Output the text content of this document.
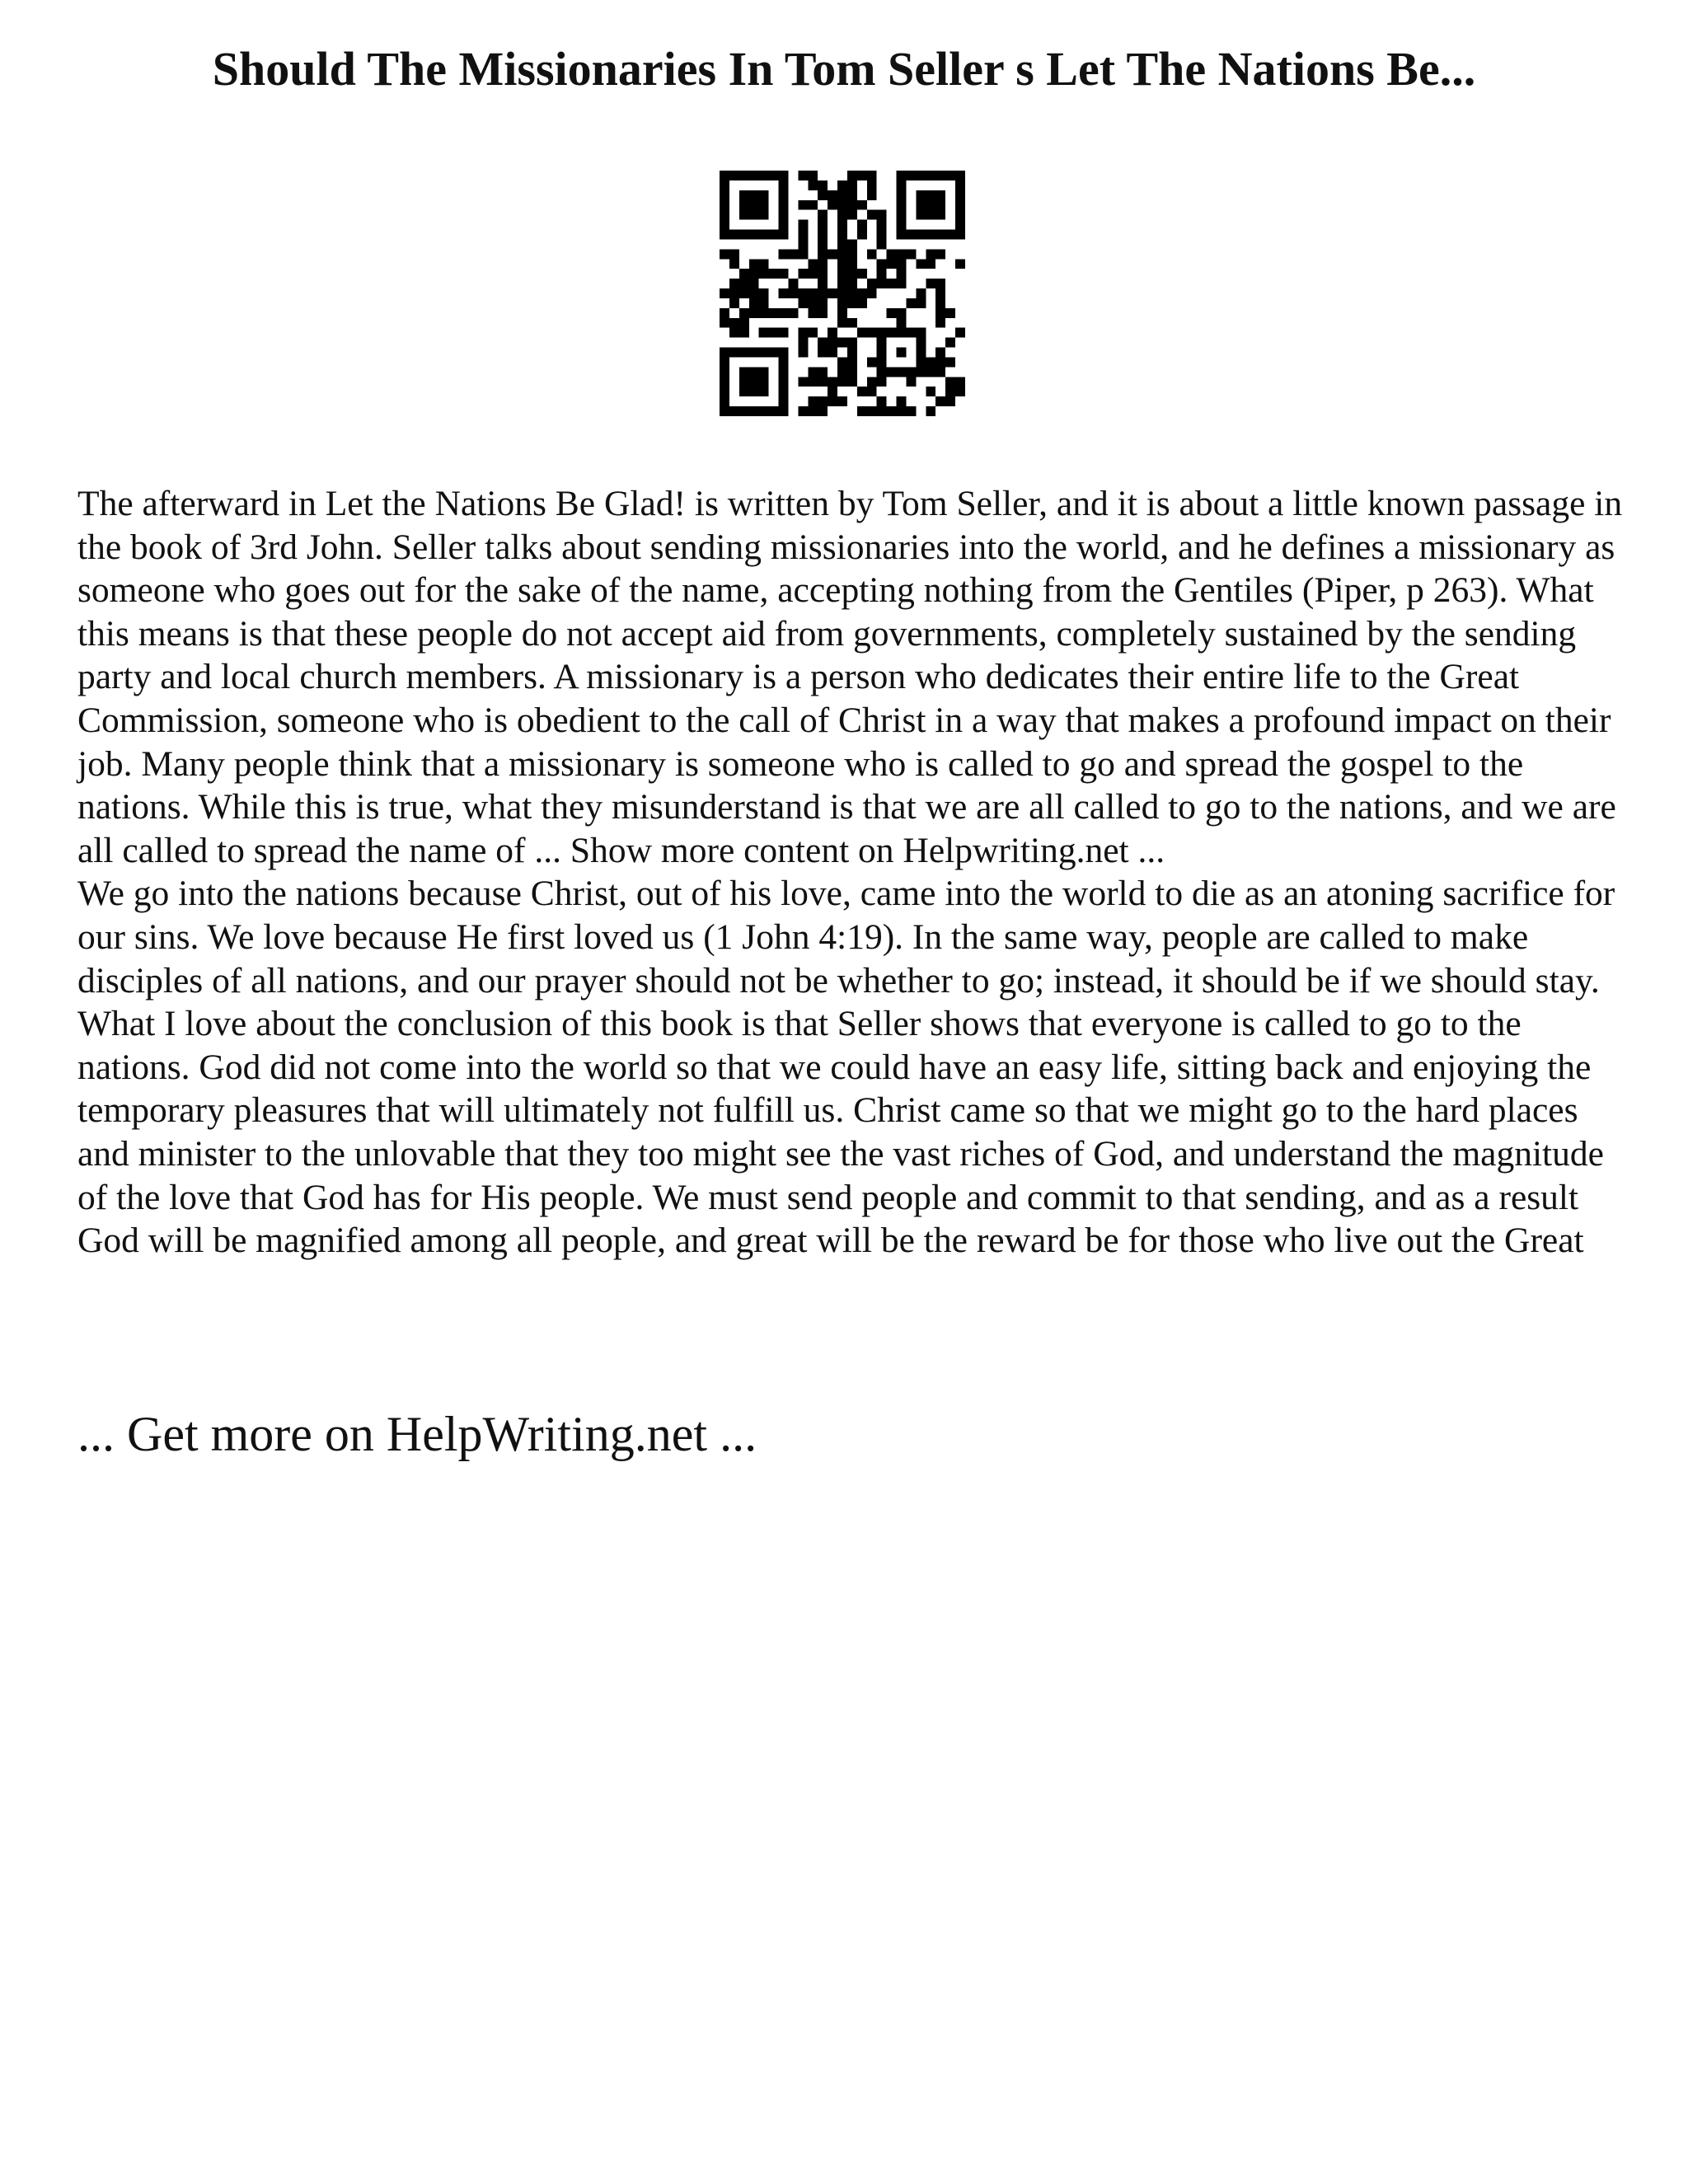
Should The Missionaries In Tom Seller s Let The Nations Be...

The afterward in Let the Nations Be Glad! is written by Tom Seller, and it is about a little known passage in the book of 3rd John. Seller talks about sending missionaries into the world, and he defines a missionary as someone who goes out for the sake of the name, accepting nothing from the Gentiles (Piper, p 263). What this means is that these people do not accept aid from governments, completely sustained by the sending party and local church members. A missionary is a person who dedicates their entire life to the Great Commission, someone who is obedient to the call of Christ in a way that makes a profound impact on their job. Many people think that a missionary is someone who is called to go and spread the gospel to the nations. While this is true, what they misunderstand is that we are all called to go to the nations, and we are all called to spread the name of ... Show more content on Helpwriting.net ...

We go into the nations because Christ, out of his love, came into the world to die as an atoning sacrifice for our sins. We love because He first loved us (1 John 4:19). In the same way, people are called to make disciples of all nations, and our prayer should not be whether to go; instead, it should be if we should stay. What I love about the conclusion of this book is that Seller shows that everyone is called to go to the nations. God did not come into the world so that we could have an easy life, sitting back and enjoying the temporary pleasures that will ultimately not fulfill us. Christ came so that we might go to the hard places and minister to the unlovable that they too might see the vast riches of God, and understand the magnitude of the love that God has for His people. We must send people and commit to that sending, and as a result God will be magnified among all people, and great will be the reward be for those who live out the Great

... Get more on HelpWriting.net ...
